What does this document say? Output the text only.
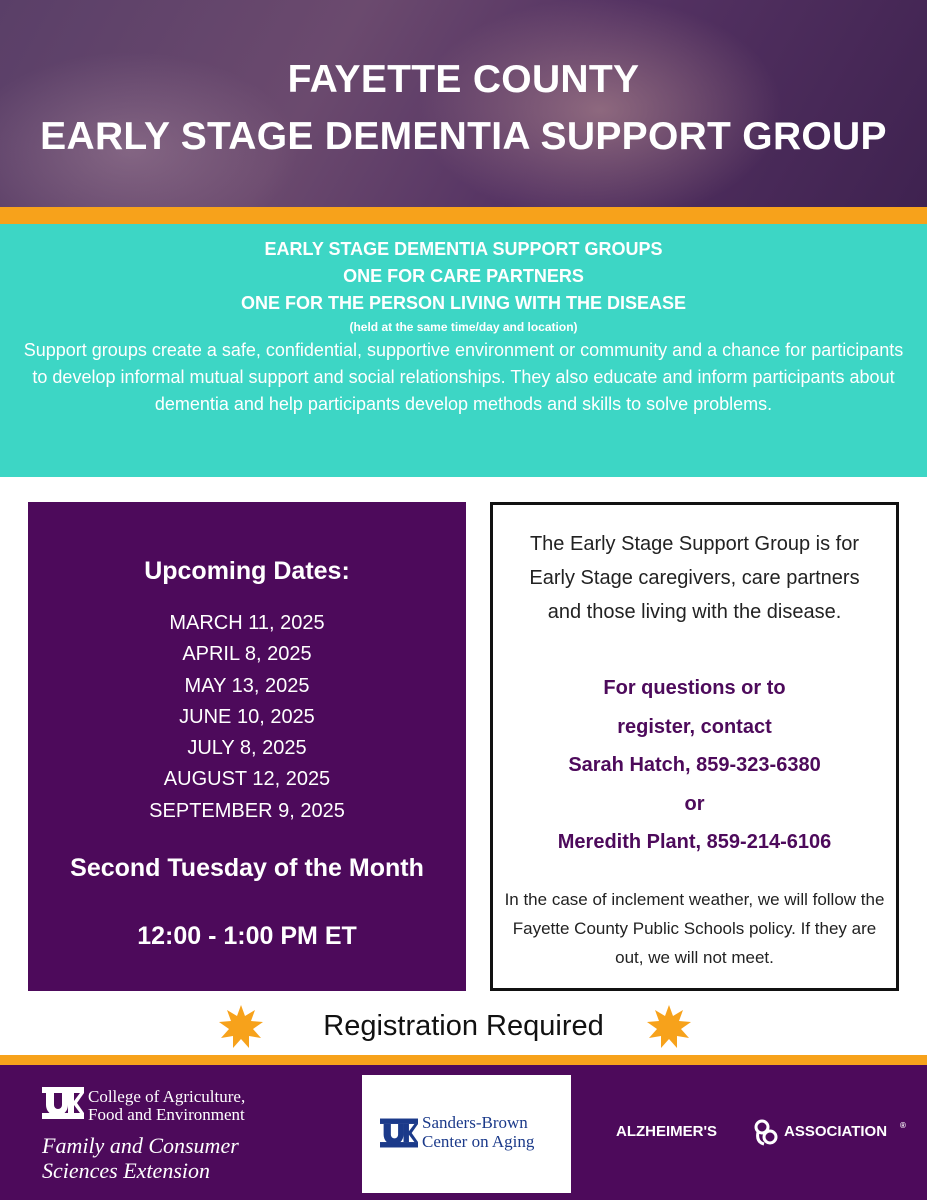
FAYETTE COUNTY
EARLY STAGE DEMENTIA SUPPORT GROUP
EARLY STAGE DEMENTIA SUPPORT GROUPS
ONE FOR CARE PARTNERS
ONE FOR THE PERSON LIVING WITH THE DISEASE
(held at the same time/day and location)
Support groups create a safe, confidential, supportive environment or community and a chance for participants to develop informal mutual support and social relationships. They also educate and inform participants about dementia and help participants develop methods and skills to solve problems.
Upcoming Dates:
MARCH 11, 2025
APRIL 8, 2025
MAY 13, 2025
JUNE 10, 2025
JULY 8, 2025
AUGUST 12, 2025
SEPTEMBER 9, 2025
Second Tuesday of the Month
12:00 - 1:00 PM ET
The Early Stage Support Group is for Early Stage caregivers, care partners and those living with the disease.
For questions or to
register, contact
Sarah Hatch, 859-323-6380
or
Meredith Plant, 859-214-6106
In the case of inclement weather, we will follow the Fayette County Public Schools policy. If they are out, we will not meet.
Registration Required
College of Agriculture,
Food and Environment
Family and Consumer
Sciences Extension
Sanders-Brown
Center on Aging
ALZHEIMER'S	ASSOCIATION ®
